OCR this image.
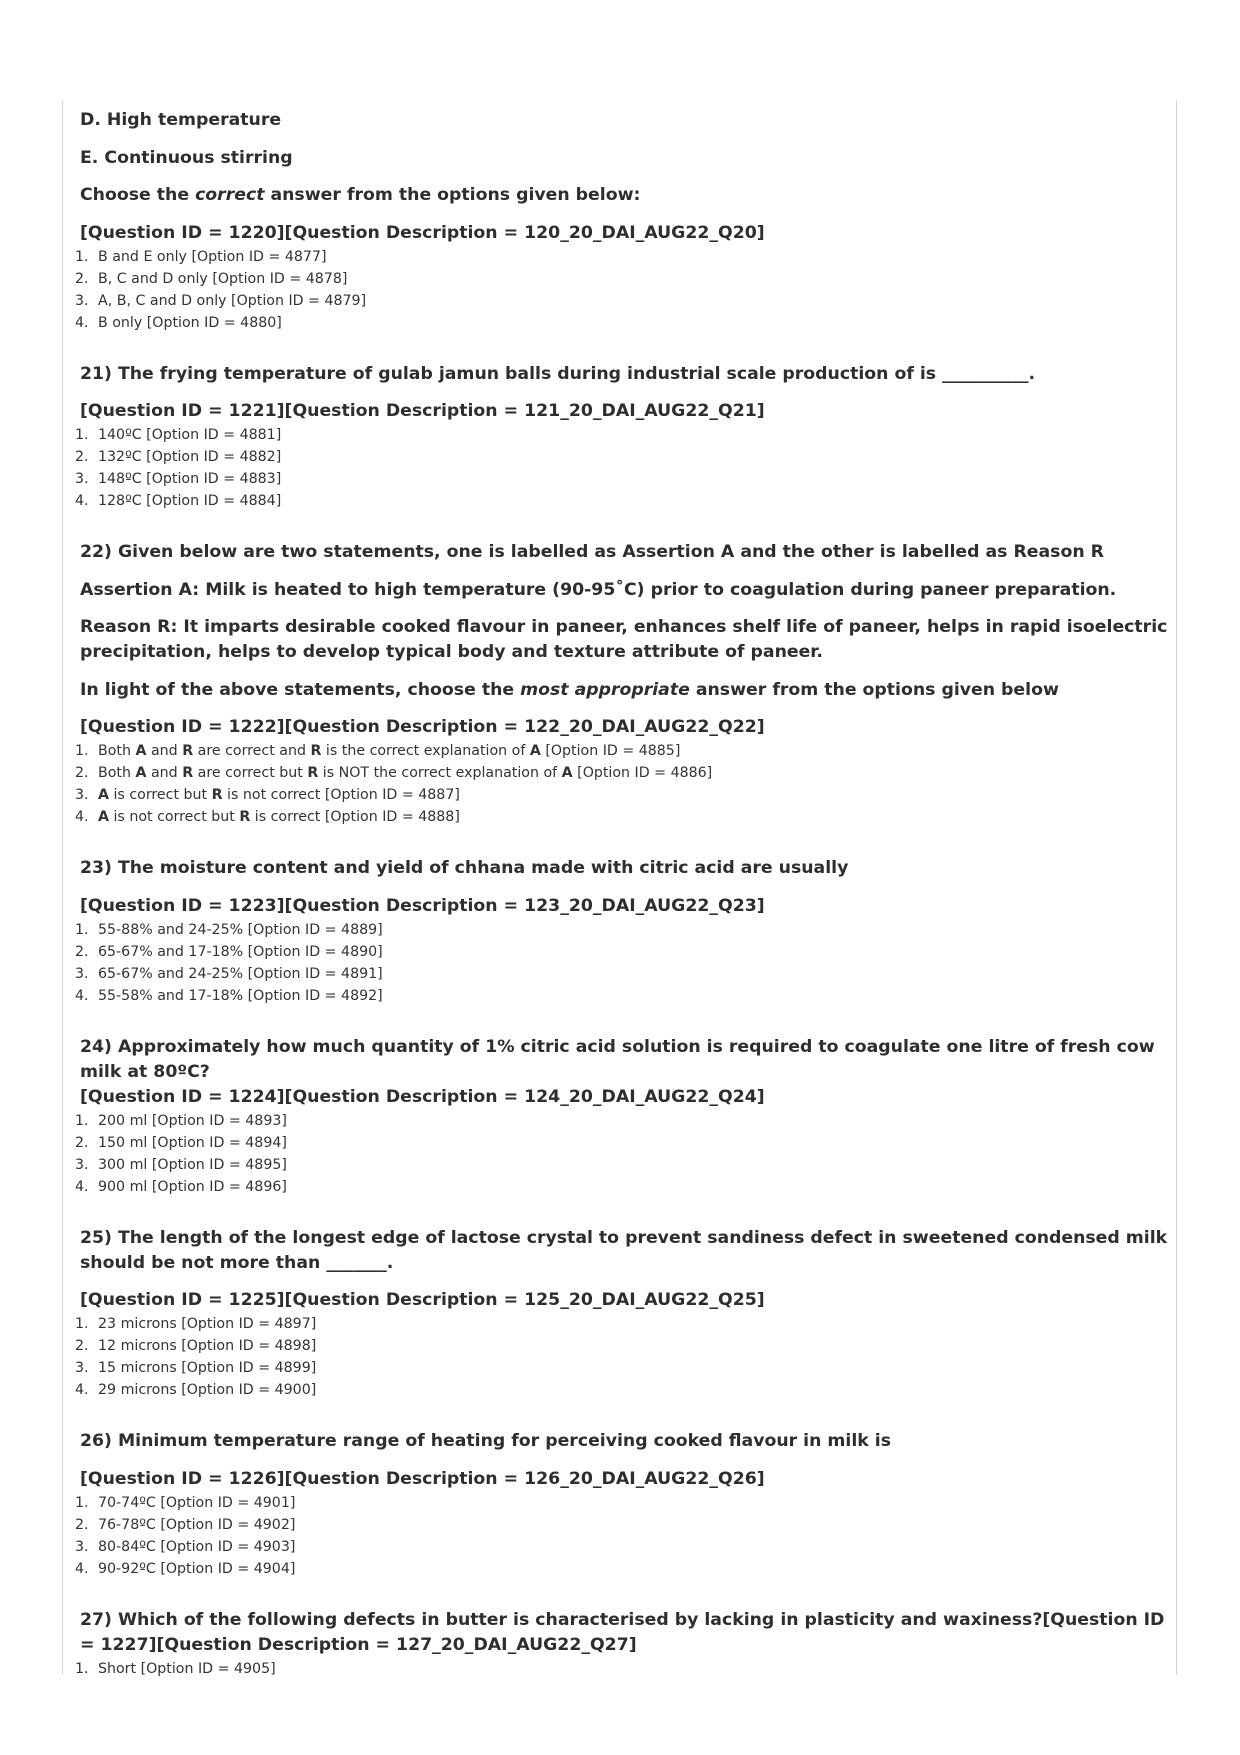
D. High temperature

E. Continuous stirring

Choose the correct answer from the options given below:

[Question ID = 1220][Question Description = 120_20_DAI_AUG22_Q20]

1. B and E only [Option ID = 4877]
2. B, C and D only [Option ID = 4878]
3. A, B, C and D only [Option ID = 4879]
4. B only [Option ID = 4880]

21) The frying temperature of gulab jamun balls during industrial scale production of is __________.

[Question ID = 1221][Question Description = 121_20_DAI_AUG22_Q21]

1. 140ºC [Option ID = 4881]
2. 132ºC [Option ID = 4882]
3. 148ºC [Option ID = 4883]
4. 128ºC [Option ID = 4884]

22) Given below are two statements, one is labelled as Assertion A and the other is labelled as Reason R

Assertion A: Milk is heated to high temperature (90-95˚C) prior to coagulation during paneer preparation.

Reason R: It imparts desirable cooked flavour in paneer, enhances shelf life of paneer, helps in rapid isoelectric precipitation, helps to develop typical body and texture attribute of paneer.

In light of the above statements, choose the most appropriate answer from the options given below

[Question ID = 1222][Question Description = 122_20_DAI_AUG22_Q22]

1. Both A and R are correct and R is the correct explanation of A [Option ID = 4885]
2. Both A and R are correct but R is NOT the correct explanation of A [Option ID = 4886]
3. A is correct but R is not correct [Option ID = 4887]
4. A is not correct but R is correct [Option ID = 4888]

23) The moisture content and yield of chhana made with citric acid are usually

[Question ID = 1223][Question Description = 123_20_DAI_AUG22_Q23]

1. 55-88% and 24-25% [Option ID = 4889]
2. 65-67% and 17-18% [Option ID = 4890]
3. 65-67% and 24-25% [Option ID = 4891]
4. 55-58% and 17-18% [Option ID = 4892]

24) Approximately how much quantity of 1% citric acid solution is required to coagulate one litre of fresh cow milk at 80ºC?

[Question ID = 1224][Question Description = 124_20_DAI_AUG22_Q24]

1. 200 ml [Option ID = 4893]
2. 150 ml [Option ID = 4894]
3. 300 ml [Option ID = 4895]
4. 900 ml [Option ID = 4896]

25) The length of the longest edge of lactose crystal to prevent sandiness defect in sweetened condensed milk should be not more than _______.

[Question ID = 1225][Question Description = 125_20_DAI_AUG22_Q25]

1. 23 microns [Option ID = 4897]
2. 12 microns [Option ID = 4898]
3. 15 microns [Option ID = 4899]
4. 29 microns [Option ID = 4900]

26) Minimum temperature range of heating for perceiving cooked flavour in milk is

[Question ID = 1226][Question Description = 126_20_DAI_AUG22_Q26]

1. 70-74ºC [Option ID = 4901]
2. 76-78ºC [Option ID = 4902]
3. 80-84ºC [Option ID = 4903]
4. 90-92ºC [Option ID = 4904]

27) Which of the following defects in butter is characterised by lacking in plasticity and waxiness?[Question ID = 1227][Question Description = 127_20_DAI_AUG22_Q27]

1. Short [Option ID = 4905]
